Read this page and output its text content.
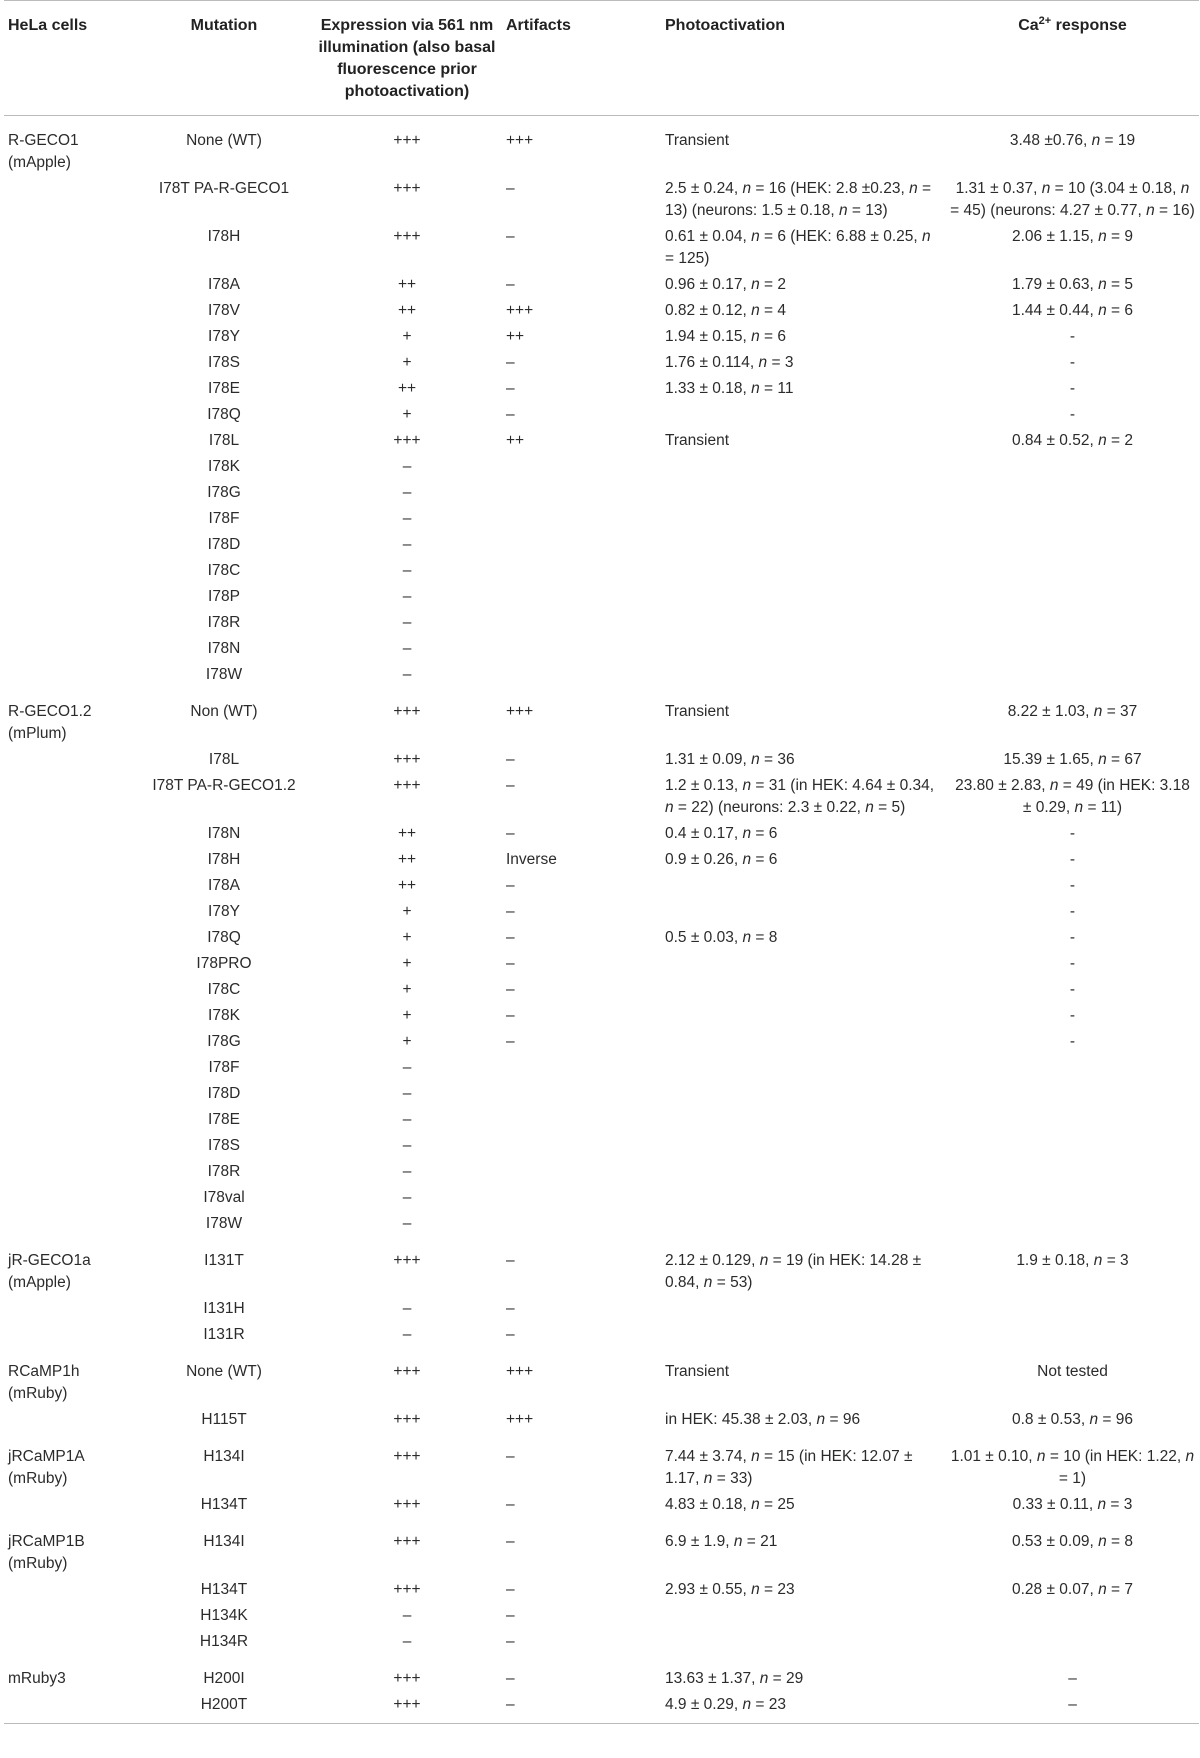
HeLa cells	Mutation	Expression via 561 nm illumination (also basal fluorescence prior photoactivation)	Artifacts	Photoactivation	$Ca^{2+}$ response
R-GECO1 (mApple)	None (WT)	+++	+++	Transient	3.48 ±0.76, n = 19
	I78T PA-R-GECO1	+++	–	2.5 ± 0.24, n = 16 (HEK: 2.8 ±0.23, n = 13) (neurons: 1.5 ± 0.18, n = 13)	1.31 ± 0.37, n = 10 (3.04 ± 0.18, n = 45) (neurons: 4.27 ± 0.77, n = 16)
	I78H	+++	–	0.61 ± 0.04, n = 6 (HEK: 6.88 ± 0.25, n = 125)	2.06 ± 1.15, n = 9
	I78A	++	–	0.96 ± 0.17, n = 2	1.79 ± 0.63, n = 5
	I78V	++	+++	0.82 ± 0.12, n = 4	1.44 ± 0.44, n = 6
	I78Y	+	++	1.94 ± 0.15, n = 6	-
	I78S	+	–	1.76 ± 0.114, n = 3	-
	I78E	++	–	1.33 ± 0.18, n = 11	-
	I78Q	+	–		-
	I78L	+++	++	Transient	0.84 ± 0.52, n = 2
	I78K	–			
	I78G	–			
	I78F	–			
	I78D	–			
	I78C	–			
	I78P	–			
	I78R	–			
	I78N	–			
	I78W	–			
R-GECO1.2 (mPlum)	Non (WT)	+++	+++	Transient	8.22 ± 1.03, n = 37
	I78L	+++	–	1.31 ± 0.09, n = 36	15.39 ± 1.65, n = 67
	I78T PA-R-GECO1.2	+++	–	1.2 ± 0.13, n = 31 (in HEK: 4.64 ± 0.34, n = 22) (neurons: 2.3 ± 0.22, n = 5)	23.80 ± 2.83, n = 49 (in HEK: 3.18 ± 0.29, n = 11)
	I78N	++	–	0.4 ± 0.17, n = 6	-
	I78H	++	Inverse	0.9 ± 0.26, n = 6	-
	I78A	++	–		-
	I78Y	+	–		-
	I78Q	+	–	0.5 ± 0.03, n = 8	-
	I78PRO	+	–		-
	I78C	+	–		-
	I78K	+	–		-
	I78G	+	–		-
	I78F	–			
	I78D	–			
	I78E	–			
	I78S	–			
	I78R	–			
	I78val	–			
	I78W	–			
jR-GECO1a (mApple)	I131T	+++	–	2.12 ± 0.129, n = 19 (in HEK: 14.28 ± 0.84, n = 53)	1.9 ± 0.18, n = 3
	I131H	–	–		
	I131R	–	–		
RCaMP1h (mRuby)	None (WT)	+++	+++	Transient	Not tested
	H115T	+++	+++	in HEK: 45.38 ± 2.03, n = 96	0.8 ± 0.53, n = 96
jRCaMP1A (mRuby)	H134I	+++	–	7.44 ± 3.74, n = 15 (in HEK: 12.07 ± 1.17, n = 33)	1.01 ± 0.10, n = 10 (in HEK: 1.22, n = 1)
	H134T	+++	–	4.83 ± 0.18, n = 25	0.33 ± 0.11, n = 3
jRCaMP1B (mRuby)	H134I	+++	–	6.9 ± 1.9, n = 21	0.53 ± 0.09, n = 8
	H134T	+++	–	2.93 ± 0.55, n = 23	0.28 ± 0.07, n = 7
	H134K	–	–		
	H134R	–	–		
mRuby3	H200I	+++	–	13.63 ± 1.37, n = 29	–
	H200T	+++	–	4.9 ± 0.29, n = 23	–
